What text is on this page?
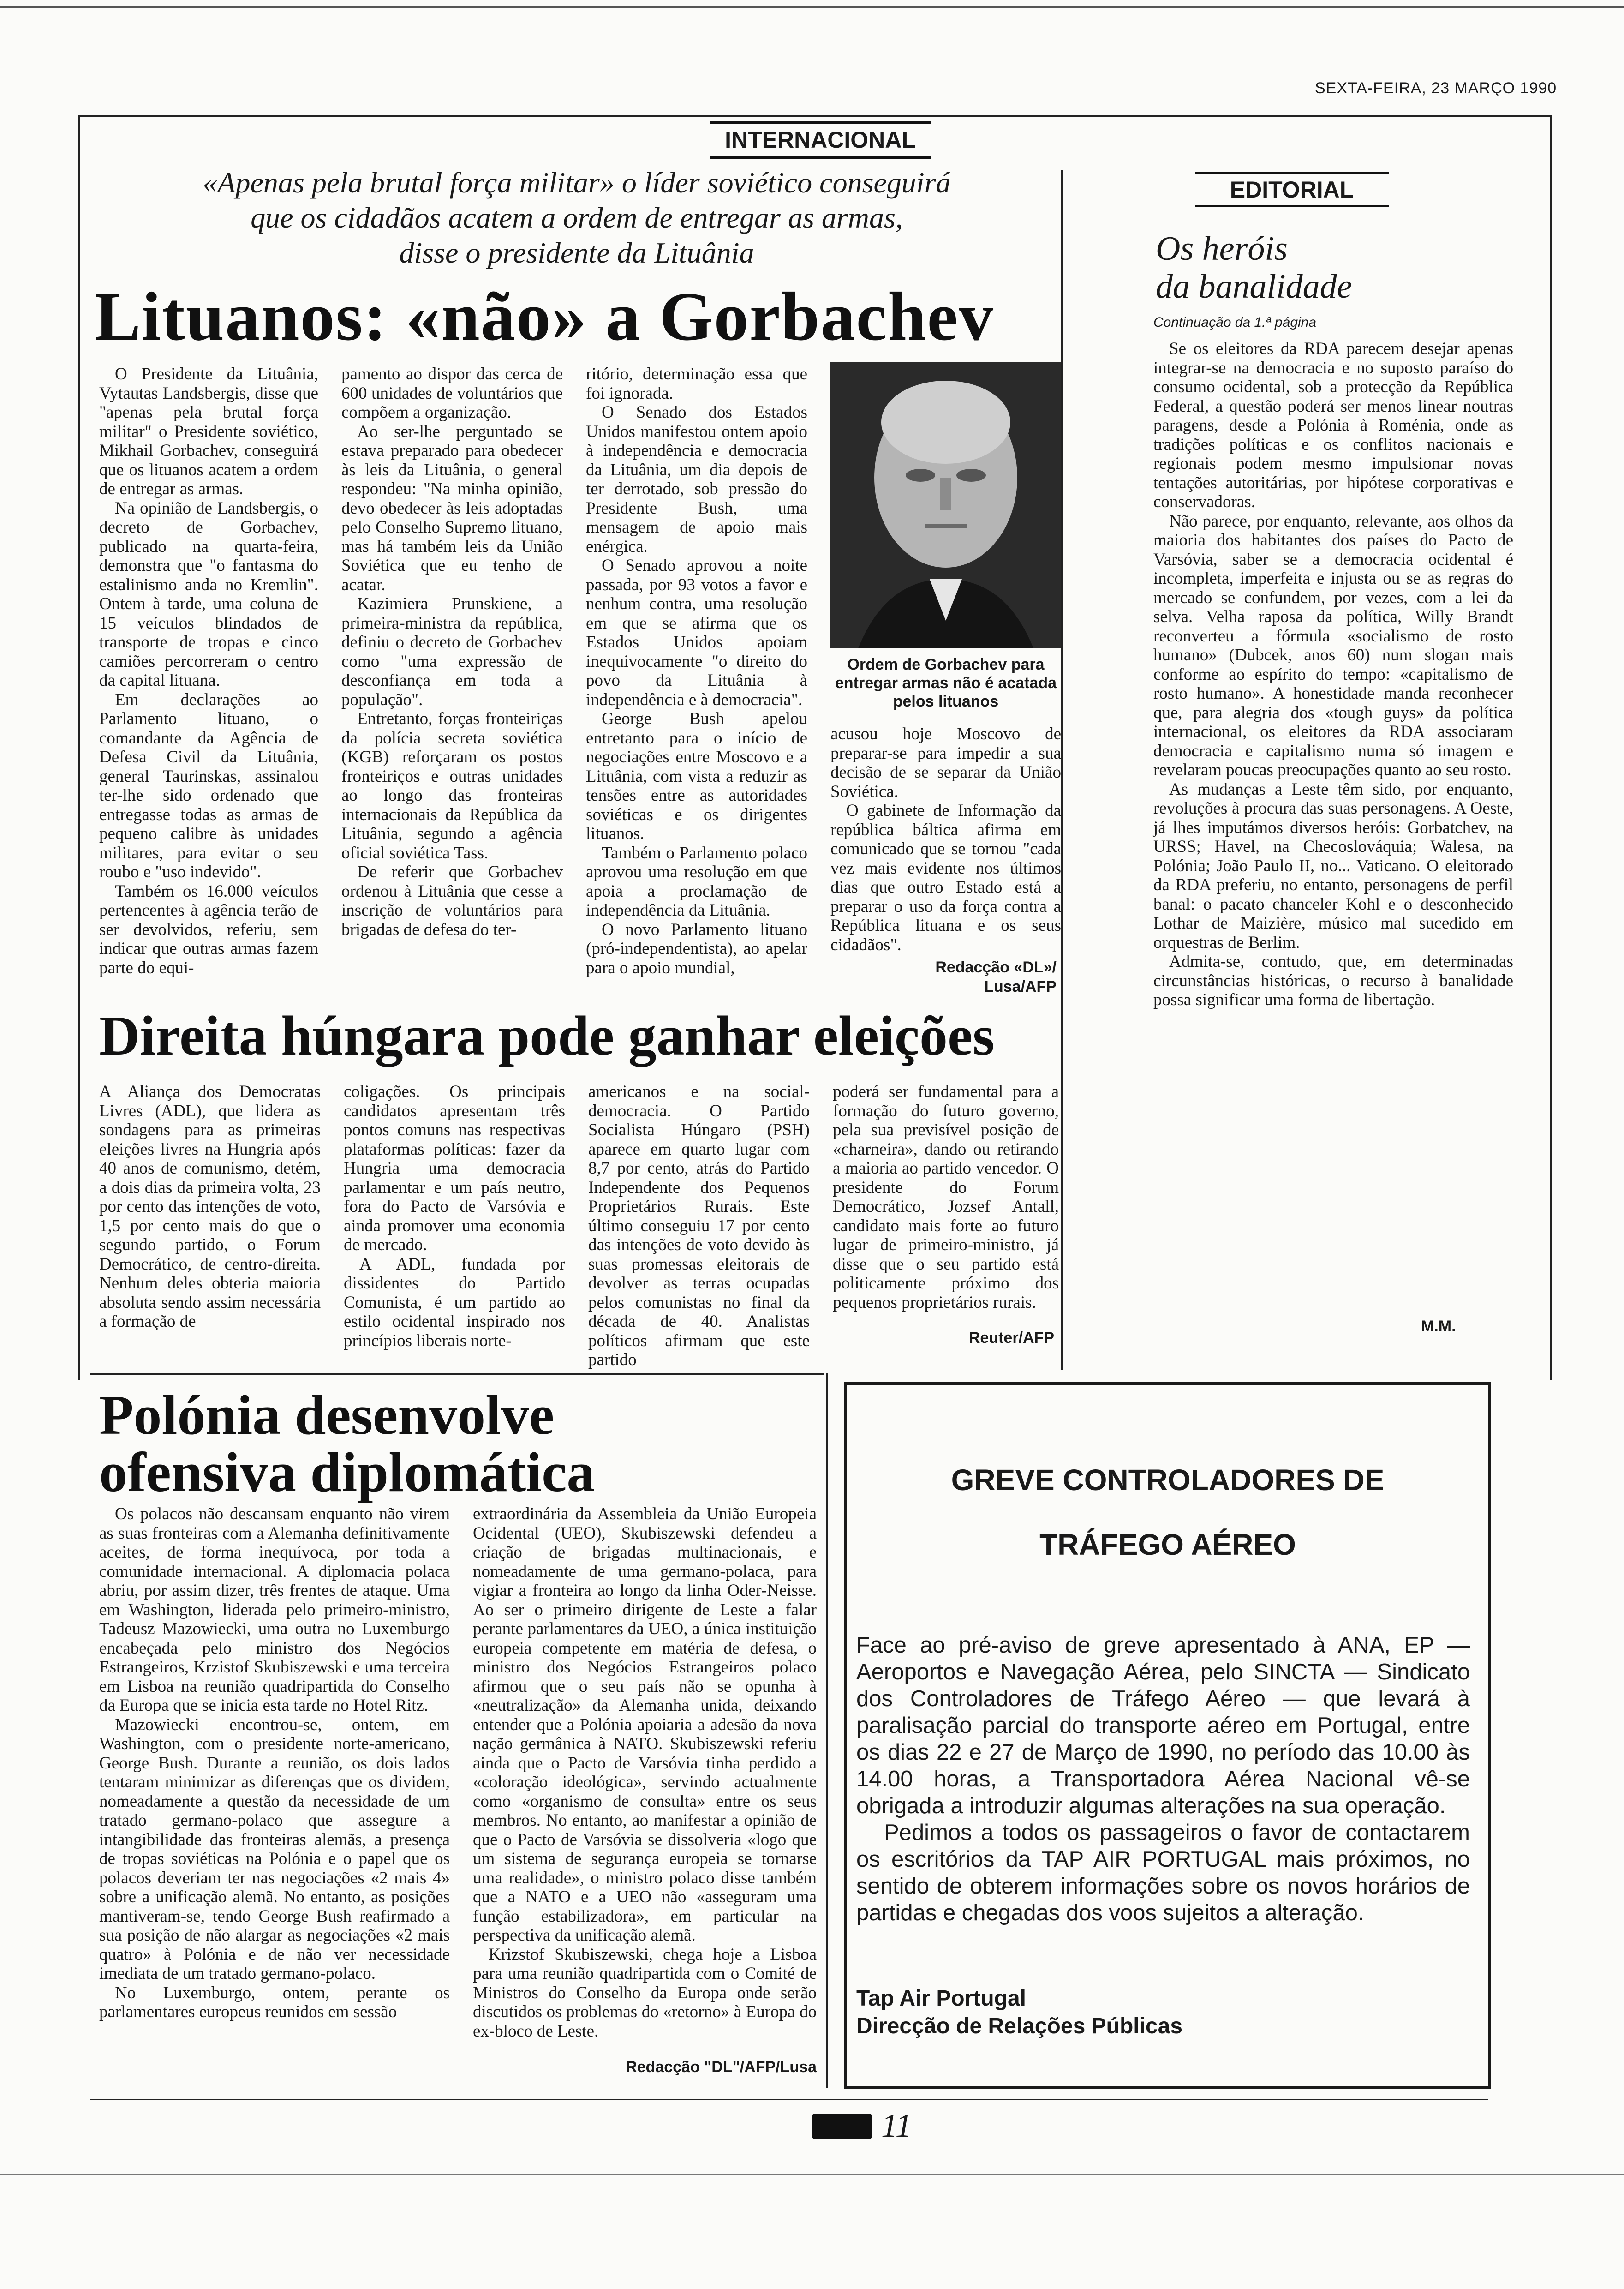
SEXTA-FEIRA, 23 MARÇO 1990
INTERNACIONAL
«Apenas pela brutal força militar» o líder soviético conseguirá
que os cidadãos acatem a ordem de entregar as armas,
disse o presidente da Lituânia
Lituanos: «não» a Gorbachev

O Presidente da Lituânia, Vytautas Landsbergis, disse que "apenas pela brutal força militar" o Presidente soviético, Mikhail Gorbachev, conseguirá que os lituanos acatem a ordem de entregar as armas.

Na opinião de Landsbergis, o decreto de Gorbachev, publicado na quarta-feira, demonstra que "o fantasma do estalinismo anda no Kremlin". Ontem à tarde, uma coluna de 15 veículos blindados de transporte de tropas e cinco camiões percorreram o centro da capital lituana.

Em declarações ao Parlamento lituano, o comandante da Agência de Defesa Civil da Lituânia, general Taurinskas, assinalou ter-lhe sido ordenado que entregasse todas as armas de pequeno calibre às unidades militares, para evitar o seu roubo e "uso indevido".

Também os 16.000 veículos pertencentes à agência terão de ser devolvidos, referiu, sem indicar que outras armas fazem parte do equi-

pamento ao dispor das cerca de 600 unidades de voluntários que compõem a organização.

Ao ser-lhe perguntado se estava preparado para obedecer às leis da Lituânia, o general respondeu: "Na minha opinião, devo obedecer às leis adoptadas pelo Conselho Supremo lituano, mas há também leis da União Soviética que eu tenho de acatar.

Kazimiera Prunskiene, a primeira-ministra da república, definiu o decreto de Gorbachev como "uma expressão de desconfiança em toda a população".

Entretanto, forças fronteiriças da polícia secreta soviética (KGB) reforçaram os postos fronteiriços e outras unidades ao longo das fronteiras internacionais da República da Lituânia, segundo a agência oficial soviética Tass.

De referir que Gorbachev ordenou à Lituânia que cesse a inscrição de voluntários para brigadas de defesa do ter-

ritório, determinação essa que foi ignorada.

O Senado dos Estados Unidos manifestou ontem apoio à independência e democracia da Lituânia, um dia depois de ter derrotado, sob pressão do Presidente Bush, uma mensagem de apoio mais enérgica.

O Senado aprovou a noite passada, por 93 votos a favor e nenhum contra, uma resolução em que se afirma que os Estados Unidos apoiam inequivocamente "o direito do povo da Lituânia à independência e à democracia".

George Bush apelou entretanto para o início de negociações entre Moscovo e a Lituânia, com vista a reduzir as tensões entre as autoridades soviéticas e os dirigentes lituanos.

Também o Parlamento polaco aprovou uma resolução em que apoia a proclamação de independência da Lituânia.

O novo Parlamento lituano (pró-independentista), ao apelar para o apoio mundial,

Ordem de Gorbachev para entregar armas não é acatada pelos lituanos

acusou hoje Moscovo de preparar-se para impedir a sua decisão de se separar da União Soviética.

O gabinete de Informação da república báltica afirma em comunicado que se tornou "cada vez mais evidente nos últimos dias que outro Estado está a preparar o uso da força contra a República lituana e os seus cidadãos".

Redacção «DL»/
Lusa/AFP
Direita húngara pode ganhar eleições

A Aliança dos Democratas Livres (ADL), que lidera as sondagens para as primeiras eleições livres na Hungria após 40 anos de comunismo, detém, a dois dias da primeira volta, 23 por cento das intenções de voto, 1,5 por cento mais do que o segundo partido, o Forum Democrático, de centro-direita. Nenhum deles obteria maioria absoluta sendo assim necessária a formação de

coligações. Os principais candidatos apresentam três pontos comuns nas respectivas plataformas políticas: fazer da Hungria uma democracia parlamentar e um país neutro, fora do Pacto de Varsóvia e ainda promover uma economia de mercado.

A ADL, fundada por dissidentes do Partido Comunista, é um partido ao estilo ocidental inspirado nos princípios liberais norte-

americanos e na social-democracia. O Partido Socialista Húngaro (PSH) aparece em quarto lugar com 8,7 por cento, atrás do Partido Independente dos Pequenos Proprietários Rurais. Este último conseguiu 17 por cento das intenções de voto devido às suas promessas eleitorais de devolver as terras ocupadas pelos comunistas no final da década de 40. Analistas políticos afirmam que este partido

poderá ser fundamental para a formação do futuro governo, pela sua previsível posição de «charneira», dando ou retirando a maioria ao partido vencedor. O presidente do Forum Democrático, Jozsef Antall, candidato mais forte ao futuro lugar de primeiro-ministro, já disse que o seu partido está politicamente próximo dos pequenos proprietários rurais.

Reuter/AFP
EDITORIAL
Os heróis
da banalidade
Continuação da 1.ª página

Se os eleitores da RDA parecem desejar apenas integrar-se na democracia e no suposto paraíso do consumo ocidental, sob a protecção da República Federal, a questão poderá ser menos linear noutras paragens, desde a Polónia à Roménia, onde as tradições políticas e os conflitos nacionais e regionais podem mesmo impulsionar novas tentações autoritárias, por hipótese corporativas e conservadoras.

Não parece, por enquanto, relevante, aos olhos da maioria dos habitantes dos países do Pacto de Varsóvia, saber se a democracia ocidental é incompleta, imperfeita e injusta ou se as regras do mercado se confundem, por vezes, com a lei da selva. Velha raposa da política, Willy Brandt reconverteu a fórmula «socialismo de rosto humano» (Dubcek, anos 60) num slogan mais conforme ao espírito do tempo: «capitalismo de rosto humano». A honestidade manda reconhecer que, para alegria dos «tough guys» da política internacional, os eleitores da RDA associaram democracia e capitalismo numa só imagem e revelaram poucas preocupações quanto ao seu rosto.

As mudanças a Leste têm sido, por enquanto, revoluções à procura das suas personagens. A Oeste, já lhes imputámos diversos heróis: Gorbatchev, na URSS; Havel, na Checoslováquia; Walesa, na Polónia; João Paulo II, no... Vaticano. O eleitorado da RDA preferiu, no entanto, personagens de perfil banal: o pacato chanceler Kohl e o desconhecido Lothar de Maizière, músico mal sucedido em orquestras de Berlim.

Admita-se, contudo, que, em determinadas circunstâncias históricas, o recurso à banalidade possa significar uma forma de libertação.

M.M.
Polónia desenvolve
ofensiva diplomática

Os polacos não descansam enquanto não virem as suas fronteiras com a Alemanha definitivamente aceites, de forma inequívoca, por toda a comunidade internacional. A diplomacia polaca abriu, por assim dizer, três frentes de ataque. Uma em Washington, liderada pelo primeiro-ministro, Tadeusz Mazowiecki, uma outra no Luxemburgo encabeçada pelo ministro dos Negócios Estrangeiros, Krzistof Skubiszewski e uma terceira em Lisboa na reunião quadripartida do Conselho da Europa que se inicia esta tarde no Hotel Ritz.

Mazowiecki encontrou-se, ontem, em Washington, com o presidente norte-americano, George Bush. Durante a reunião, os dois lados tentaram minimizar as diferenças que os dividem, nomeadamente a questão da necessidade de um tratado germano-polaco que assegure a intangibilidade das fronteiras alemãs, a presença de tropas soviéticas na Polónia e o papel que os polacos deveriam ter nas negociações «2 mais 4» sobre a unificação alemã. No entanto, as posições mantiveram-se, tendo George Bush reafirmado a sua posição de não alargar as negociações «2 mais quatro» à Polónia e de não ver necessidade imediata de um tratado germano-polaco.

No Luxemburgo, ontem, perante os parlamentares europeus reunidos em sessão

extraordinária da Assembleia da União Europeia Ocidental (UEO), Skubiszewski defendeu a criação de brigadas multinacionais, e nomeadamente de uma germano-polaca, para vigiar a fronteira ao longo da linha Oder-Neisse. Ao ser o primeiro dirigente de Leste a falar perante parlamentares da UEO, a única instituição europeia competente em matéria de defesa, o ministro dos Negócios Estrangeiros polaco afirmou que o seu país não se opunha à «neutralização» da Alemanha unida, deixando entender que a Polónia apoiaria a adesão da nova nação germânica à NATO. Skubiszewski referiu ainda que o Pacto de Varsóvia tinha perdido a «coloração ideológica», servindo actualmente como «organismo de consulta» entre os seus membros. No entanto, ao manifestar a opinião de que o Pacto de Varsóvia se dissolveria «logo que um sistema de segurança europeia se tornarse uma realidade», o ministro polaco disse também que a NATO e a UEO não «asseguram uma função estabilizadora», em particular na perspectiva da unificação alemã.

Krizstof Skubiszewski, chega hoje a Lisboa para uma reunião quadripartida com o Comité de Ministros do Conselho da Europa onde serão discutidos os problemas do «retorno» à Europa do ex-bloco de Leste.

Redacção "DL"/AFP/Lusa
GREVE CONTROLADORES DE
TRÁFEGO AÉREO

Face ao pré-aviso de greve apresentado à ANA, EP — Aeroportos e Navegação Aérea, pelo SINCTA — Sindicato dos Controladores de Tráfego Aéreo — que levará à paralisação parcial do transporte aéreo em Portugal, entre os dias 22 e 27 de Março de 1990, no período das 10.00 às 14.00 horas, a Transportadora Aérea Nacional vê-se obrigada a introduzir algumas alterações na sua operação.

Pedimos a todos os passageiros o favor de contactarem os escritórios da TAP AIR PORTUGAL mais próximos, no sentido de obterem informações sobre os novos horários de partidas e chegadas dos voos sujeitos a alteração.

Tap Air Portugal
Direcção de Relações Públicas
11
